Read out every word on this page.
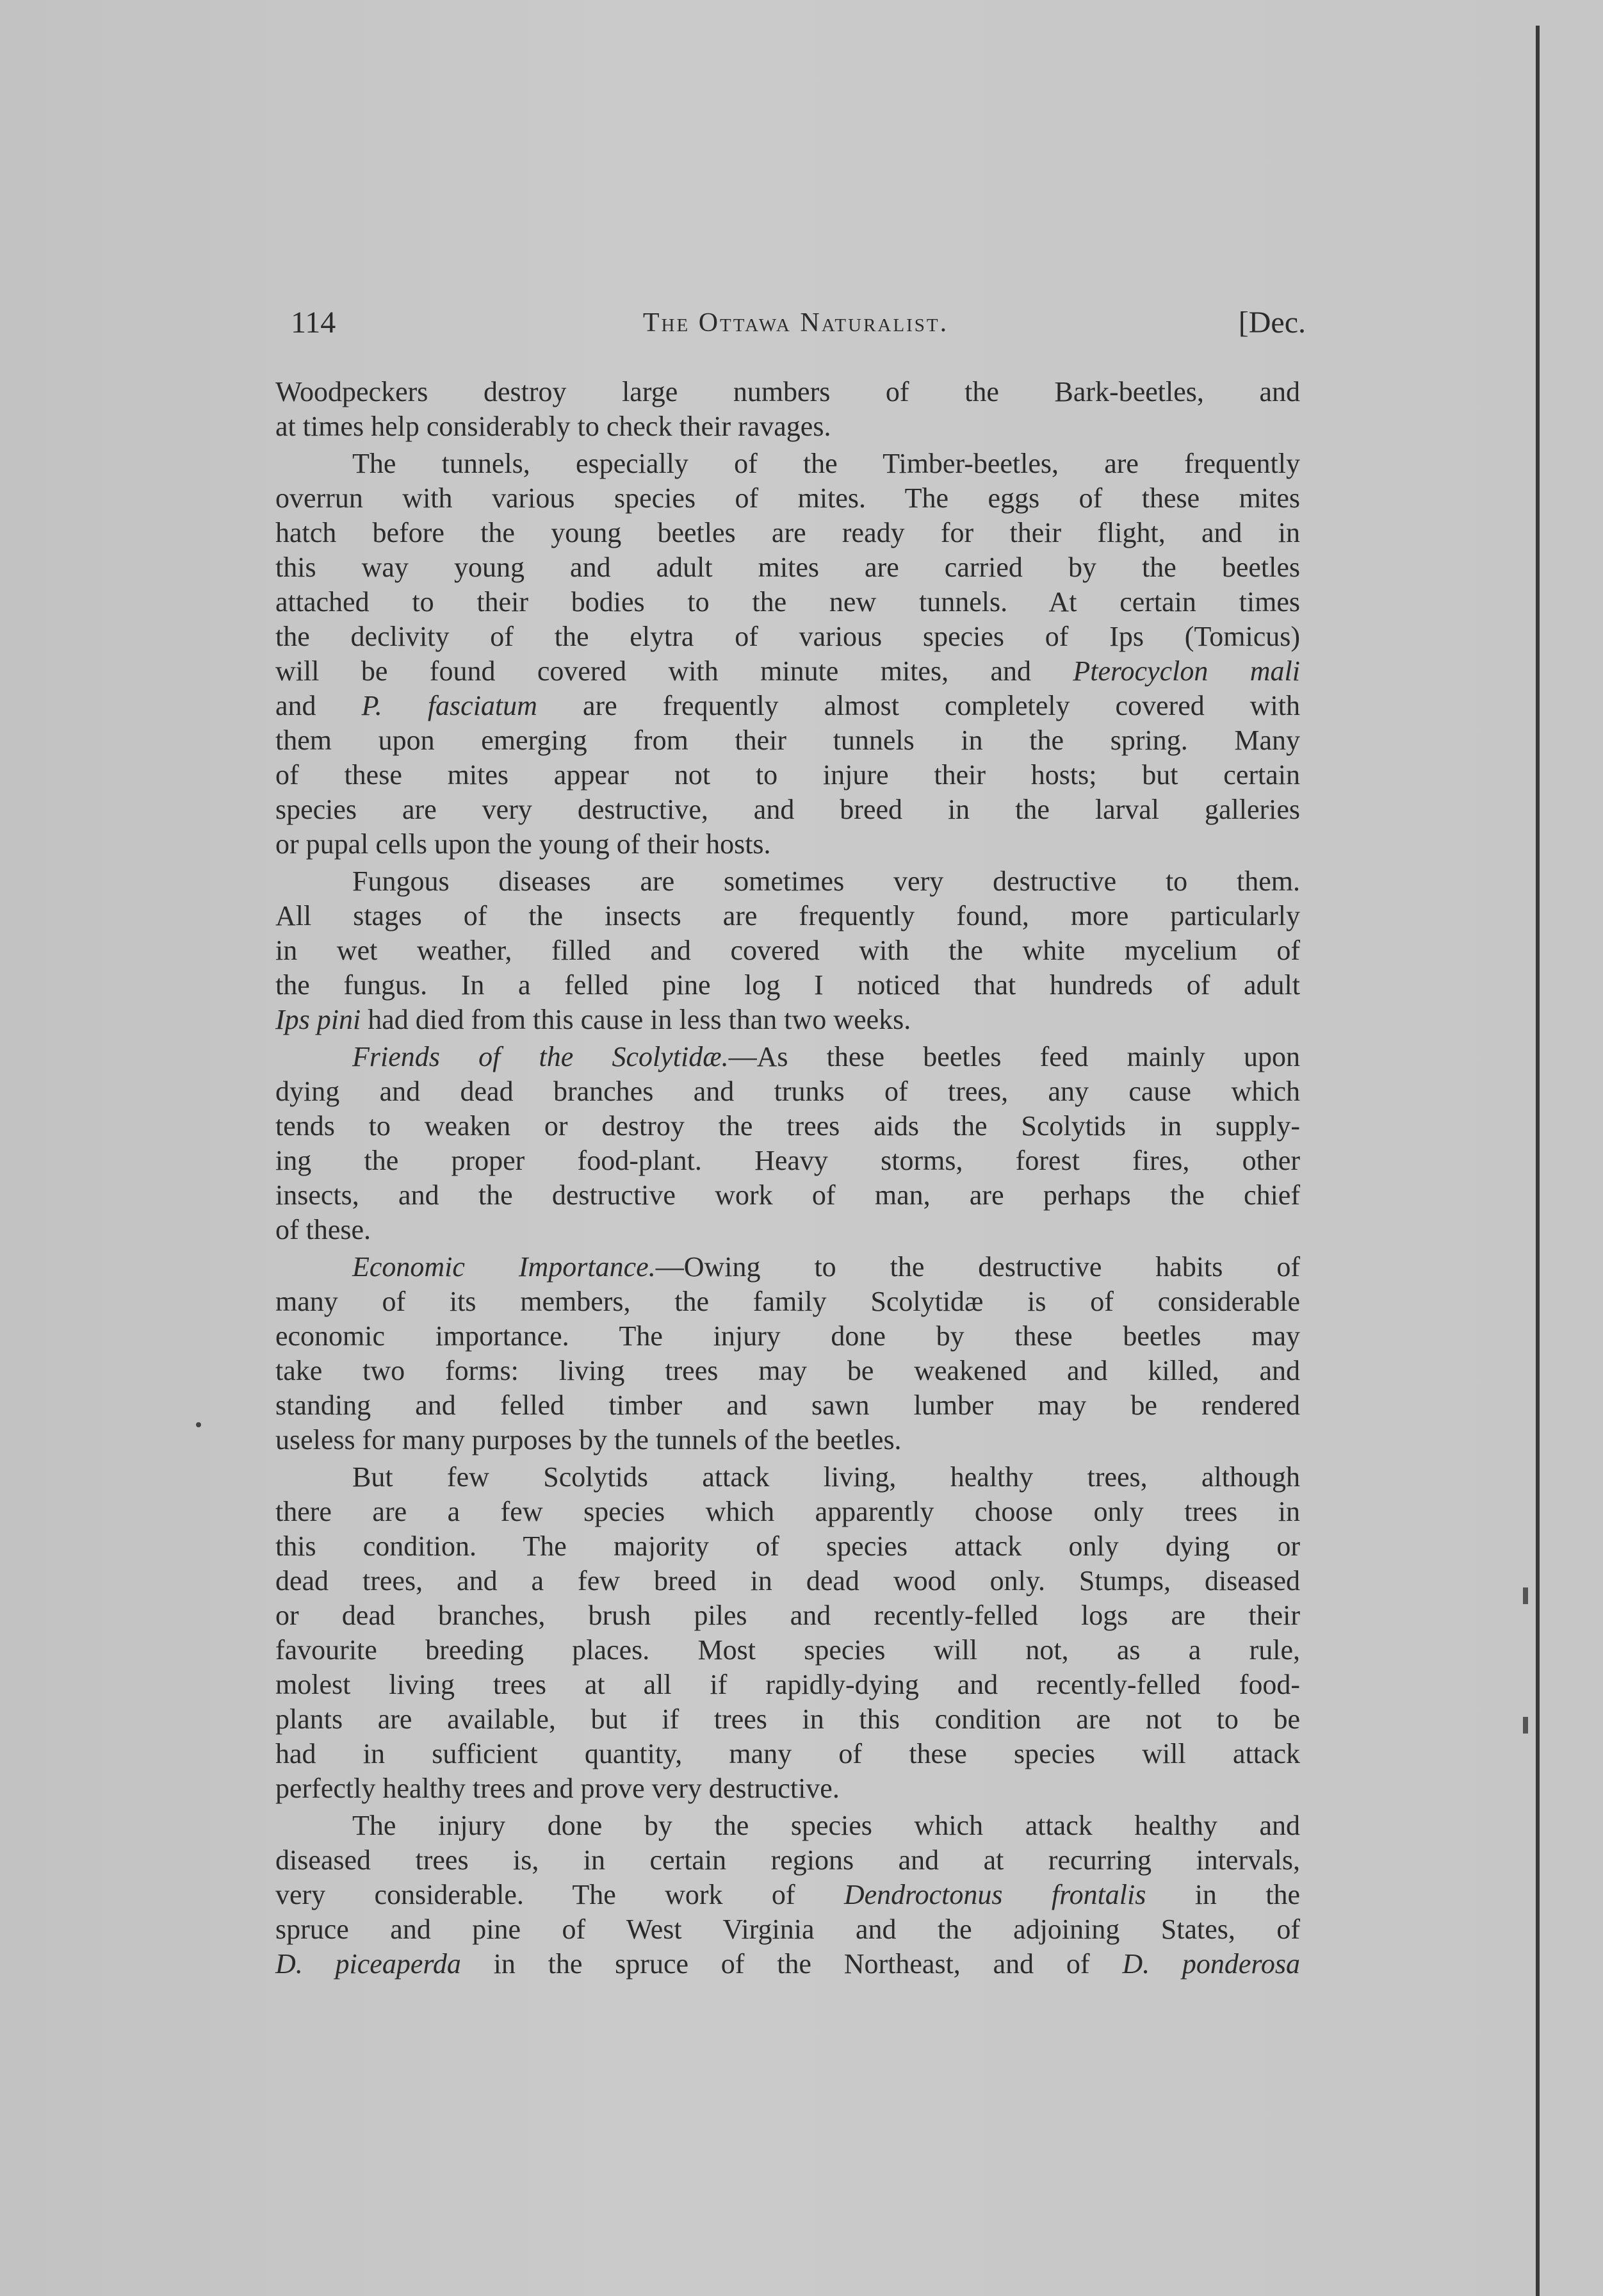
114	The Ottawa Naturalist.	[Dec.
Woodpeckers destroy large numbers of the Bark-beetles, and
at times help considerably to check their ravages.
The tunnels, especially of the Timber-beetles, are frequently
overrun with various species of mites. The eggs of these mites
hatch before the young beetles are ready for their flight, and in
this way young and adult mites are carried by the beetles
attached to their bodies to the new tunnels. At certain times
the declivity of the elytra of various species of Ips (Tomicus)
will be found covered with minute mites, and Pterocyclon mali
and P. fasciatum are frequently almost completely covered with
them upon emerging from their tunnels in the spring. Many
of these mites appear not to injure their hosts; but certain
species are very destructive, and breed in the larval galleries
or pupal cells upon the young of their hosts.
Fungous diseases are sometimes very destructive to them.
All stages of the insects are frequently found, more particularly
in wet weather, filled and covered with the white mycelium of
the fungus. In a felled pine log I noticed that hundreds of adult
Ips pini had died from this cause in less than two weeks.
Friends of the Scolytidæ.—As these beetles feed mainly upon
dying and dead branches and trunks of trees, any cause which
tends to weaken or destroy the trees aids the Scolytids in supply-
ing the proper food-plant. Heavy storms, forest fires, other
insects, and the destructive work of man, are perhaps the chief
of these.
Economic Importance.—Owing to the destructive habits of
many of its members, the family Scolytidæ is of considerable
economic importance. The injury done by these beetles may
take two forms: living trees may be weakened and killed, and
standing and felled timber and sawn lumber may be rendered
useless for many purposes by the tunnels of the beetles.
But few Scolytids attack living, healthy trees, although
there are a few species which apparently choose only trees in
this condition. The majority of species attack only dying or
dead trees, and a few breed in dead wood only. Stumps, diseased
or dead branches, brush piles and recently-felled logs are their
favourite breeding places. Most species will not, as a rule,
molest living trees at all if rapidly-dying and recently-felled food-
plants are available, but if trees in this condition are not to be
had in sufficient quantity, many of these species will attack
perfectly healthy trees and prove very destructive.
The injury done by the species which attack healthy and
diseased trees is, in certain regions and at recurring intervals,
very considerable. The work of Dendroctonus frontalis in the
spruce and pine of West Virginia and the adjoining States, of
D. piceaperda in the spruce of the Northeast, and of D. ponderosa
